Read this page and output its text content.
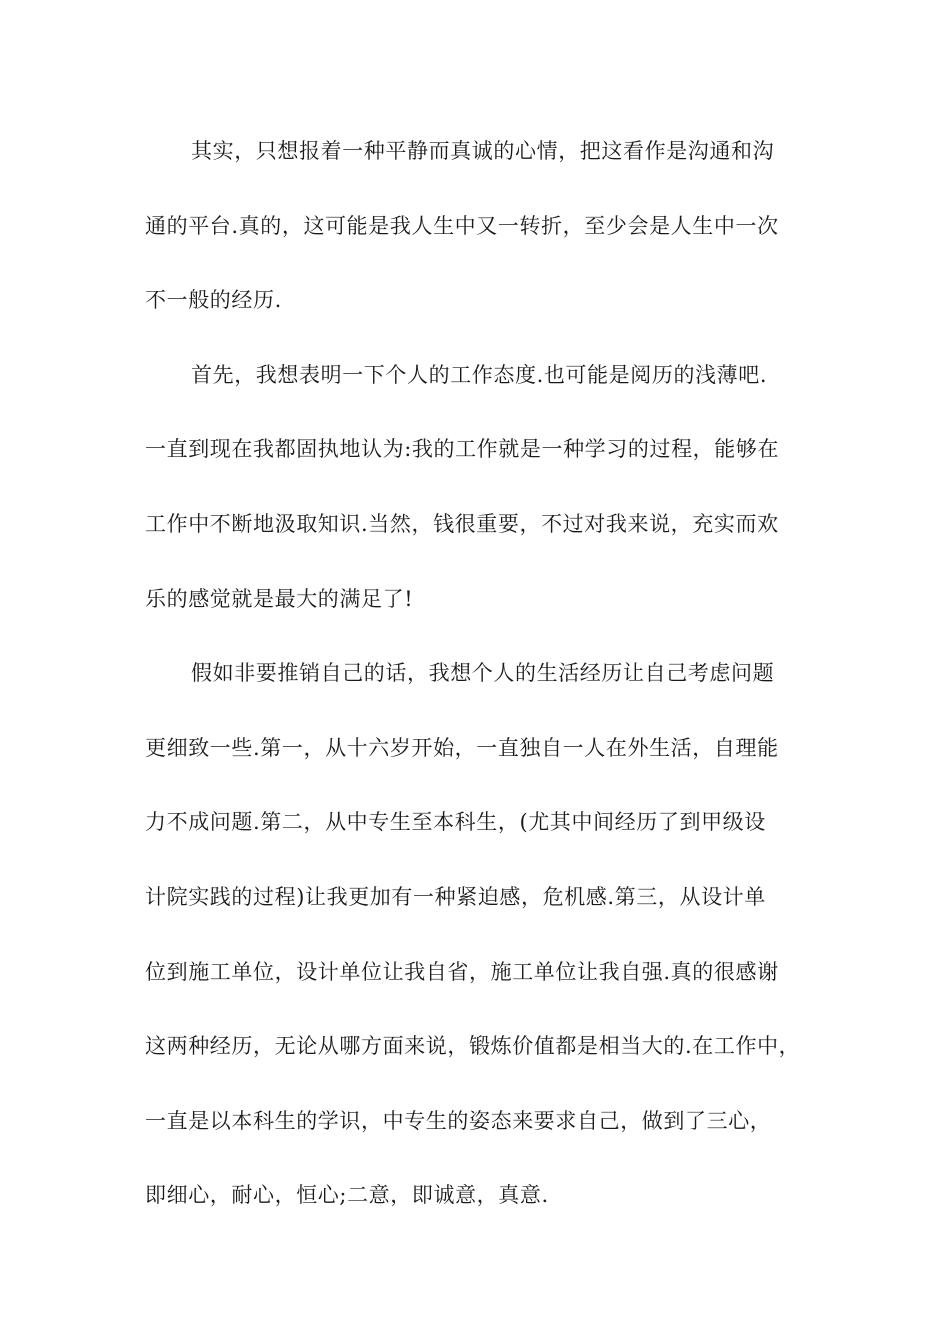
其实，只想报着一种平静而真诚的心情，把这看作是沟通和沟
通的平台.真的，这可能是我人生中又一转折，至少会是人生中一次
不一般的经历.
首先，我想表明一下个人的工作态度.也可能是阅历的浅薄吧.
一直到现在我都固执地认为:我的工作就是一种学习的过程，能够在
工作中不断地汲取知识.当然，钱很重要，不过对我来说，充实而欢
乐的感觉就是最大的满足了!
假如非要推销自己的话，我想个人的生活经历让自己考虑问题
更细致一些.第一，从十六岁开始，一直独自一人在外生活，自理能
力不成问题.第二，从中专生至本科生，(尤其中间经历了到甲级设
计院实践的过程)让我更加有一种紧迫感，危机感.第三，从设计单
位到施工单位，设计单位让我自省，施工单位让我自强.真的很感谢
这两种经历，无论从哪方面来说，锻炼价值都是相当大的.在工作中，
一直是以本科生的学识，中专生的姿态来要求自己，做到了三心，
即细心，耐心，恒心;二意，即诚意，真意.
